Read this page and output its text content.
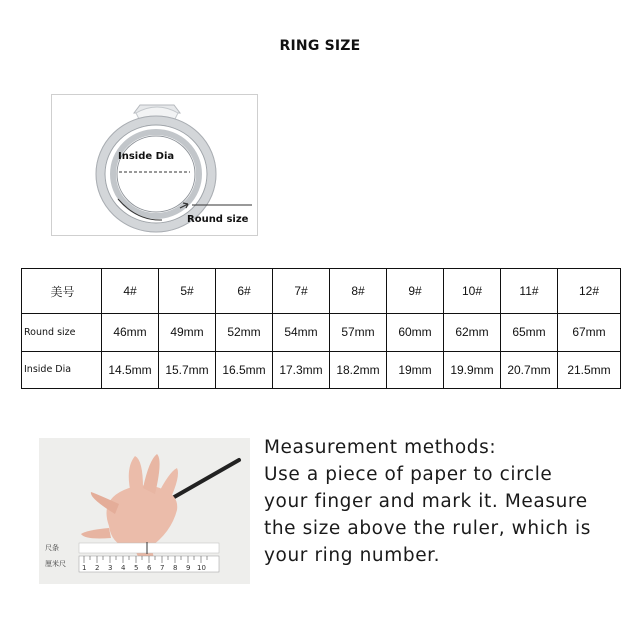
RING SIZE
Inside Dia
Round size
美号	4#	5#	6#	7#	8#	9#	10#	11#	12#
Round size	46mm	49mm	52mm	54mm	57mm	60mm	62mm	65mm	67mm
Inside Dia	14.5mm	15.7mm	16.5mm	17.3mm	18.2mm	19mm	19.9mm	20.7mm	21.5mm
尺条
厘米尺 1 2 3 4 5 6 7 8 9 10
Measurement methods:
Use a piece of paper to circle
your finger and mark it. Measure
the size above the ruler, which is
your ring number.
